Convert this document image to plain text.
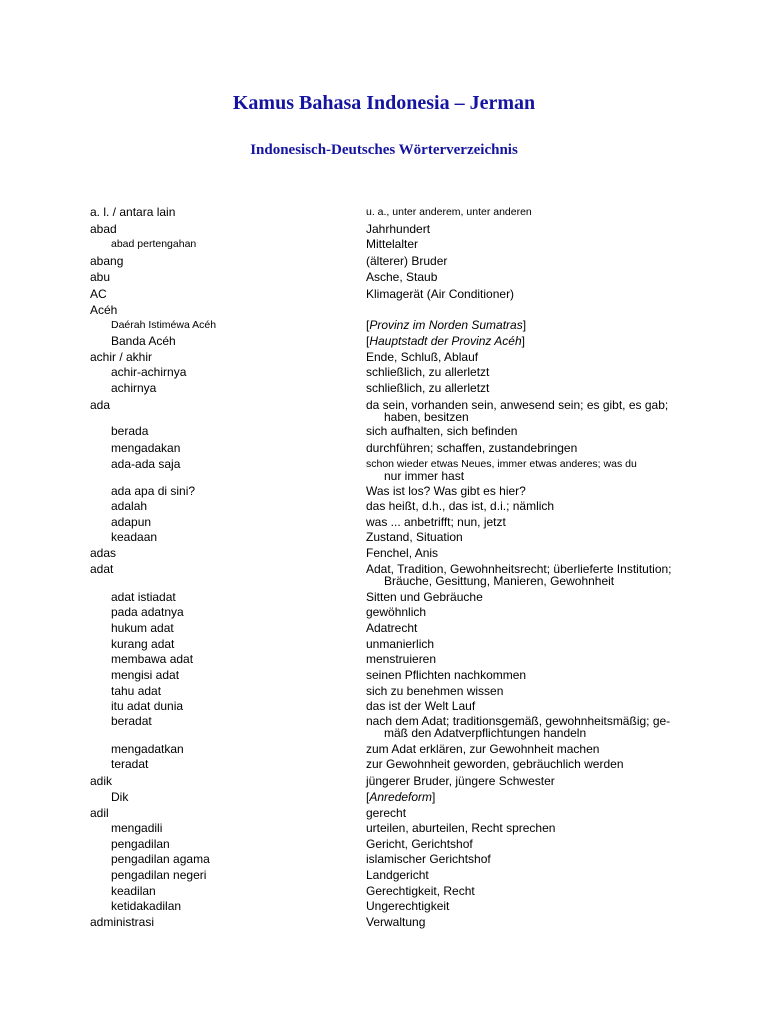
Kamus Bahasa Indonesia – Jerman
Indonesisch-Deutsches Wörterverzeichnis
a. l. / antara lain	u. a., unter anderem, unter anderen
abad	Jahrhundert
abad pertengahan	Mittelalter
abang	(älterer) Bruder
abu	Asche, Staub
AC	Klimagerät (Air Conditioner)
Acéh
Daérah Istiméwa Acéh	[Provinz im Norden Sumatras]
Banda Acéh	[Hauptstadt der Provinz Acéh]
achir / akhir	Ende, Schluß, Ablauf
achir-achirnya	schließlich, zu allerletzt
achirnya	schließlich, zu allerletzt
ada	da sein, vorhanden sein, anwesend sein; es gibt, es gab;
haben, besitzen
berada	sich aufhalten, sich befinden
mengadakan	durchführen; schaffen, zustandebringen
ada-ada saja	schon wieder etwas Neues, immer etwas anderes; was du
nur immer hast
ada apa di sini?	Was ist los? Was gibt es hier?
adalah	das heißt, d.h., das ist, d.i.; nämlich
adapun	was ... anbetrifft; nun, jetzt
keadaan	Zustand, Situation
adas	Fenchel, Anis
adat	Adat, Tradition, Gewohnheitsrecht; überlieferte Institution;
Bräuche, Gesittung, Manieren, Gewohnheit
adat istiadat	Sitten und Gebräuche
pada adatnya	gewöhnlich
hukum adat	Adatrecht
kurang adat	unmanierlich
membawa adat	menstruieren
mengisi adat	seinen Pflichten nachkommen
tahu adat	sich zu benehmen wissen
itu adat dunia	das ist der Welt Lauf
beradat	nach dem Adat; traditionsgemäß, gewohnheitsmäßig; ge-
mäß den Adatverpflichtungen handeln
mengadatkan	zum Adat erklären, zur Gewohnheit machen
teradat	zur Gewohnheit geworden, gebräuchlich werden
adik	jüngerer Bruder, jüngere Schwester
Dik	[Anredeform]
adil	gerecht
mengadili	urteilen, aburteilen, Recht sprechen
pengadilan	Gericht, Gerichtshof
pengadilan agama	islamischer Gerichtshof
pengadilan negeri	Landgericht
keadilan	Gerechtigkeit, Recht
ketidakadilan	Ungerechtigkeit
administrasi	Verwaltung
